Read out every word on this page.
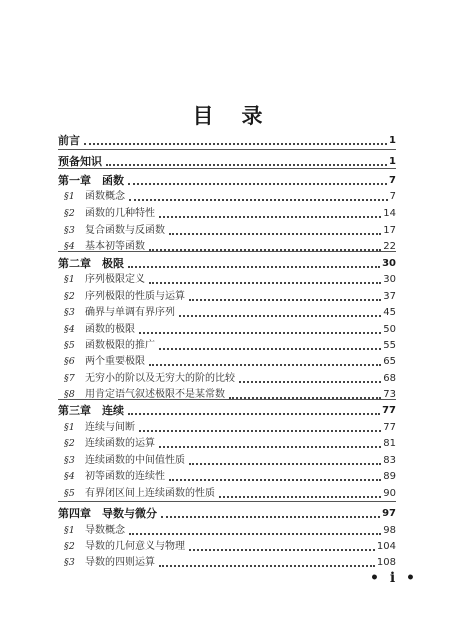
目录
前言	1
预备知识	1
第一章　函数	7
§1	函数概念	7
§2	函数的几种特性	14
§3	复合函数与反函数	17
§4	基本初等函数	22
第二章　极限	30
§1	序列极限定义	30
§2	序列极限的性质与运算	37
§3	确界与单调有界序列	45
§4	函数的极限	50
§5	函数极限的推广	55
§6	两个重要极限	65
§7	无穷小的阶以及无穷大的阶的比较	68
§8	用肯定语气叙述极限不是某常数	73
第三章　连续	77
§1	连续与间断	77
§2	连续函数的运算	81
§3	连续函数的中间值性质	83
§4	初等函数的连续性	89
§5	有界闭区间上连续函数的性质	90
第四章　导数与微分	97
§1	导数概念	98
§2	导数的几何意义与物理	104
§3	导数的四则运算	108
• i •
